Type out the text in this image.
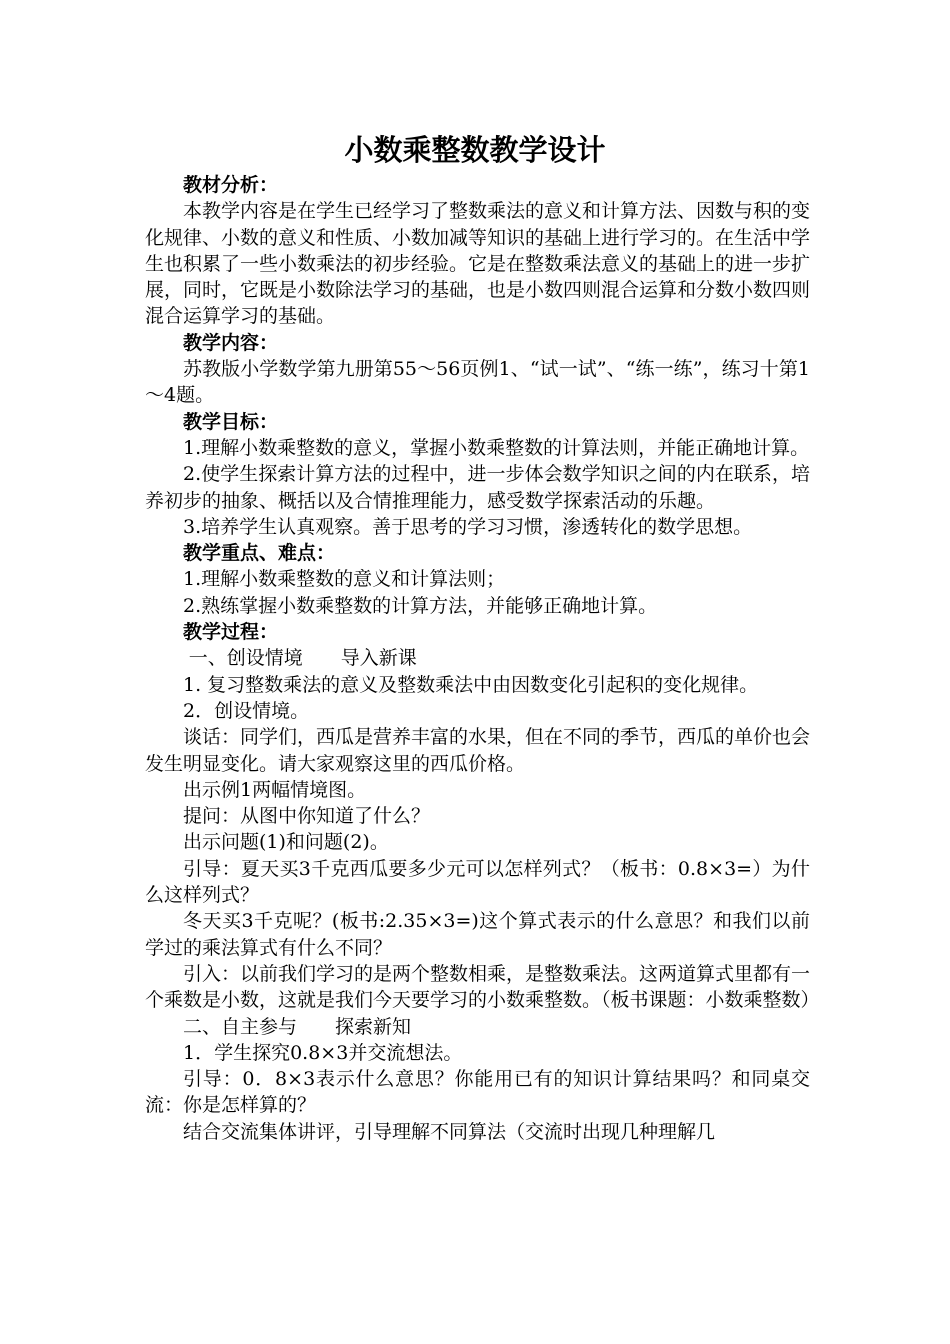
小数乘整数教学设计

教材分析：

本教学内容是在学生已经学习了整数乘法的意义和计算方法、因数与积的变化规律、小数的意义和性质、小数加减等知识的基础上进行学习的。在生活中学生也积累了一些小数乘法的初步经验。它是在整数乘法意义的基础上的进一步扩展，同时，它既是小数除法学习的基础，也是小数四则混合运算和分数小数四则混合运算学习的基础。

教学内容：

苏教版小学数学第九册第55～56页例1、“试一试”、“练一练”，练习十第1～4题。

教学目标：

1.理解小数乘整数的意义，掌握小数乘整数的计算法则，并能正确地计算。

2.使学生探索计算方法的过程中，进一步体会数学知识之间的内在联系，培养初步的抽象、概括以及合情推理能力，感受数学探索活动的乐趣。

3.培养学生认真观察。善于思考的学习习惯，渗透转化的数学思想。

教学重点、难点：

1.理解小数乘整数的意义和计算法则；

2.熟练掌握小数乘整数的计算方法，并能够正确地计算。

教学过程：

一、创设情境　　导入新课

1. 复习整数乘法的意义及整数乘法中由因数变化引起积的变化规律。

2．创设情境。

谈话：同学们，西瓜是营养丰富的水果，但在不同的季节，西瓜的单价也会发生明显变化。请大家观察这里的西瓜价格。

出示例1两幅情境图。

提问：从图中你知道了什么？

出示问题(1)和问题(2)。

引导：夏天买3千克西瓜要多少元可以怎样列式？（板书：0.8×3=）为什么这样列式？

冬天买3千克呢？(板书:2.35×3=)这个算式表示的什么意思？和我们以前学过的乘法算式有什么不同？

引入：以前我们学习的是两个整数相乘，是整数乘法。这两道算式里都有一个乘数是小数，这就是我们今天要学习的小数乘整数。（板书课题：小数乘整数）

二、自主参与　　探索新知

1．学生探究0.8×3并交流想法。

引导：0．8×3表示什么意思？你能用已有的知识计算结果吗？和同桌交流：你是怎样算的？

结合交流集体讲评，引导理解不同算法（交流时出现几种理解几
